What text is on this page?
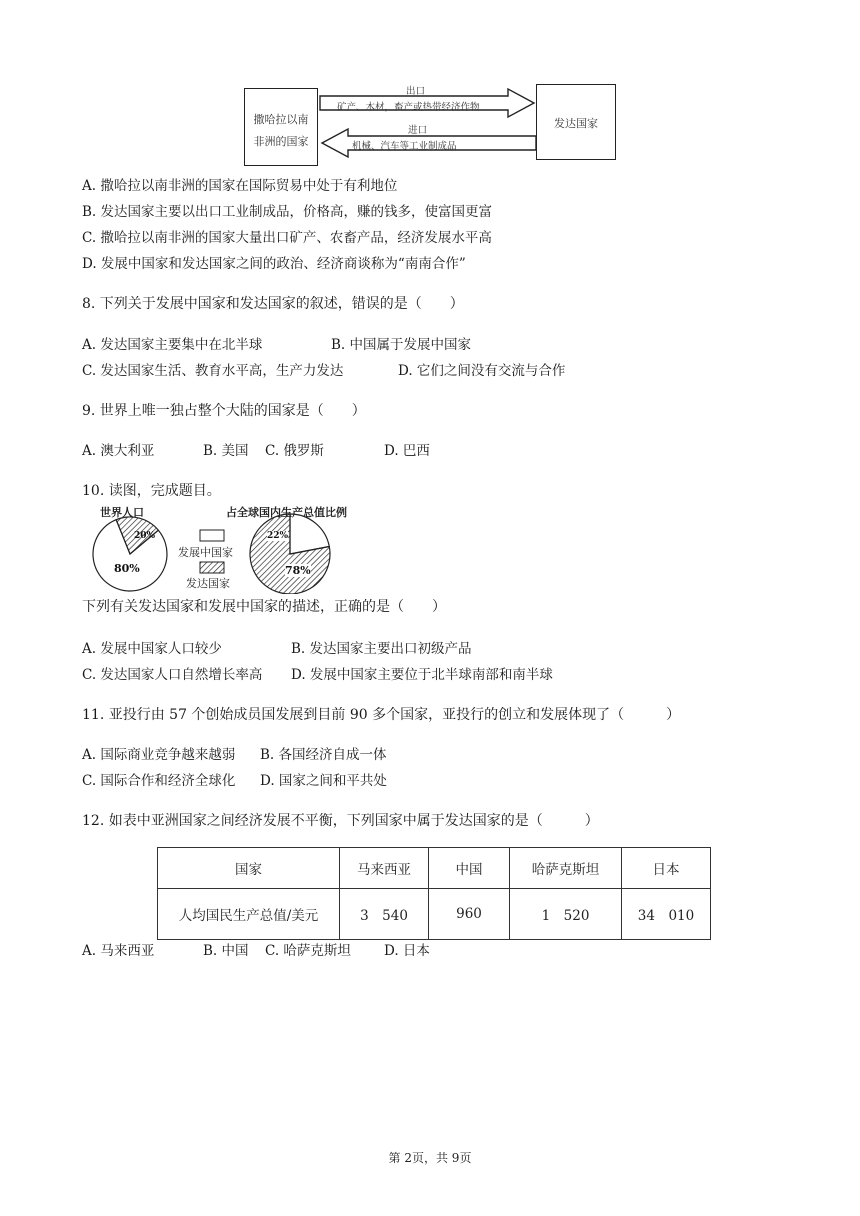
撒哈拉以南
非洲的国家
发达国家
出口
矿产、木材，畜产或热带经济作物
进口
机械、汽车等工业制成品
A. 撒哈拉以南非洲的国家在国际贸易中处于有利地位
B. 发达国家主要以出口工业制成品，价格高，赚的钱多，使富国更富
C. 撒哈拉以南非洲的国家大量出口矿产、农畜产品，经济发展水平高
D. 发展中国家和发达国家之间的政治、经济商谈称为“南南合作”
8. 下列关于发展中国家和发达国家的叙述，错误的是（　　）
A. 发达国家主要集中在北半球	B. 中国属于发展中国家
C. 发达国家生活、教育水平高，生产力发达	D. 它们之间没有交流与合作
9. 世界上唯一独占整个大陆的国家是（　　）
A. 澳大利亚	B. 美国 C. 俄罗斯	D. 巴西
10. 读图，完成题目。
世界人口	占全球国内生产总值比例
发展中国家
发达国家
80%
20%	22%
78%
下列有关发达国家和发展中国家的描述，正确的是（　　）
A. 发展中国家人口较少	B. 发达国家主要出口初级产品
C. 发达国家人口自然增长率高 D. 发展中国家主要位于北半球南部和南半球
11. 亚投行由 57 个创始成员国发展到目前 90 多个国家，亚投行的创立和发展体现了（　　　）
A. 国际商业竞争越来越弱 B. 各国经济自成一体
C. 国际合作和经济全球化 D. 国家之间和平共处
12. 如表中亚洲国家之间经济发展不平衡，下列国家中属于发达国家的是（　　　）
国家	马来西亚	中国	哈萨克斯坦	日本
人均国民生产总值/美元	3　540	960	1　520	34　010
A. 马来西亚	B. 中国 C. 哈萨克斯坦 D. 日本
第 2页，共 9页
